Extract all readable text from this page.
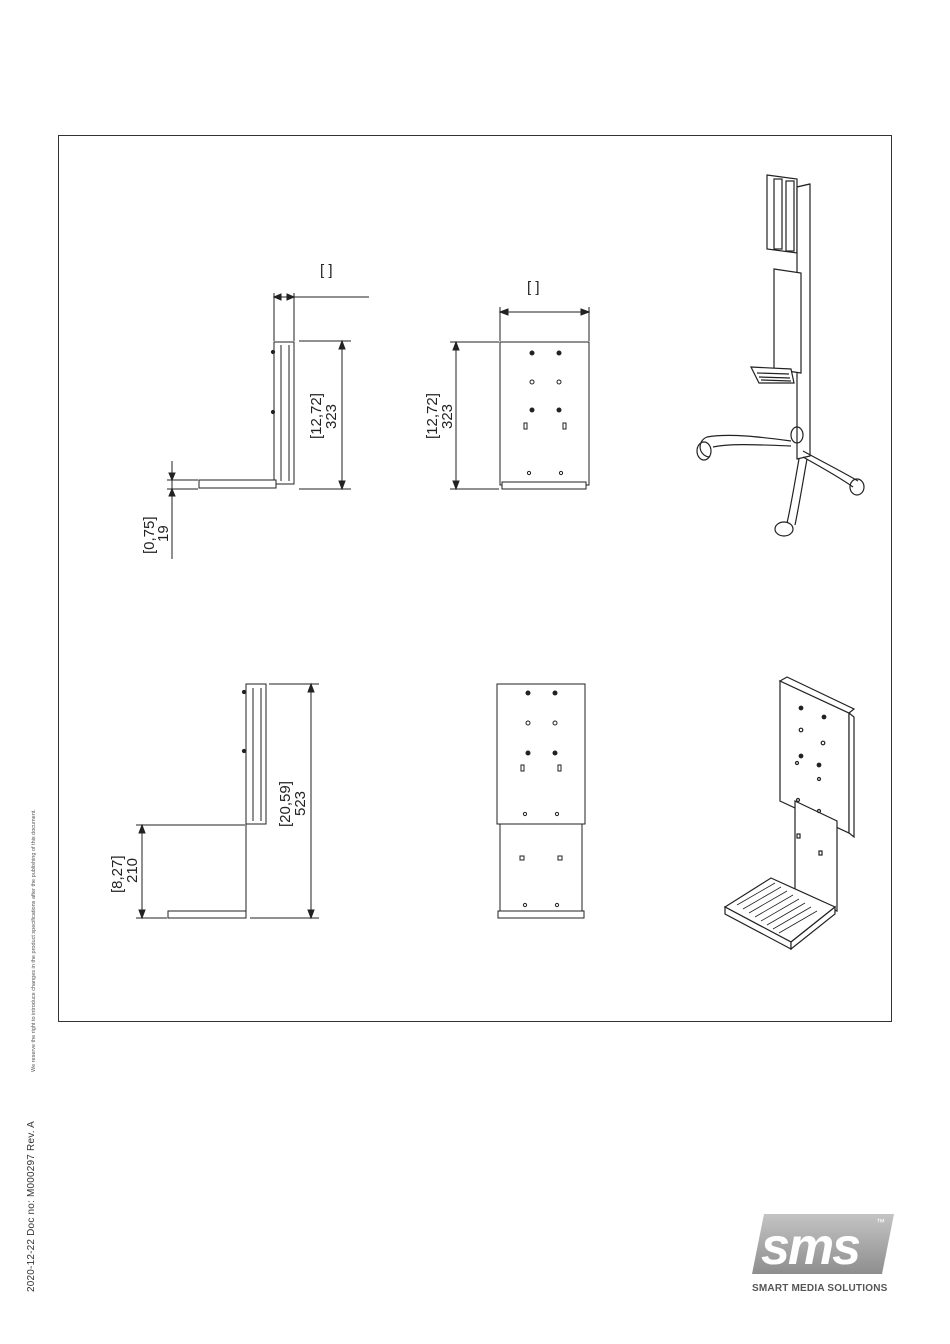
[ ]
[ ]
[12,72]
323	[12,72]
323
[0,75]
19
[20,59]
523
[8,27]
210
2020-12-22 Doc no: M000297 Rev. A
We reserve the right to introduce changes in the product specifications after the publishing of this document.
sms ™
SMART MEDIA SOLUTIONS
